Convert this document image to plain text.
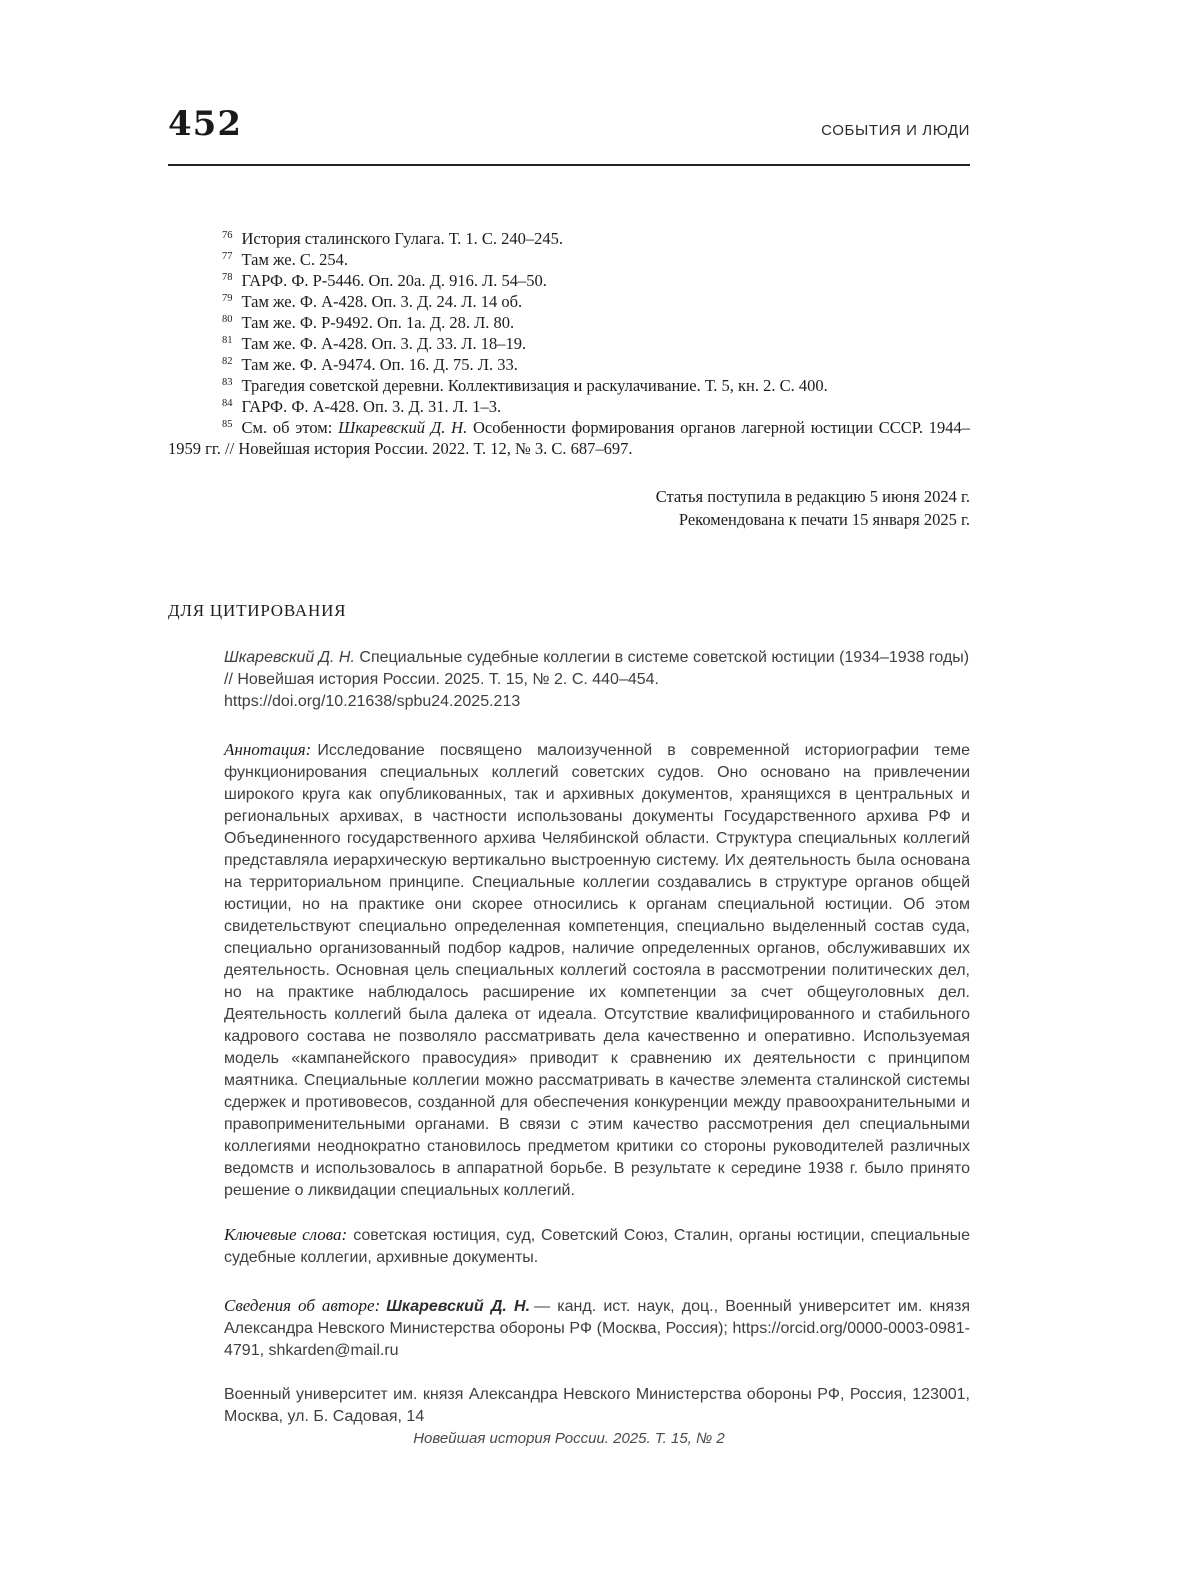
452	СОБЫТИЯ И ЛЮДИ

$^{76}$ История сталинского Гулага. Т. 1. С. 240–245.

$^{77}$ Там же. С. 254.

$^{78}$ ГАРФ. Ф. Р-5446. Оп. 20а. Д. 916. Л. 54–50.

$^{79}$ Там же. Ф. А-428. Оп. 3. Д. 24. Л. 14 об.

$^{80}$ Там же. Ф. Р-9492. Оп. 1а. Д. 28. Л. 80.

$^{81}$ Там же. Ф. А-428. Оп. 3. Д. 33. Л. 18–19.

$^{82}$ Там же. Ф. А-9474. Оп. 16. Д. 75. Л. 33.

$^{83}$ Трагедия советской деревни. Коллективизация и раскулачивание. Т. 5, кн. 2. С. 400.

$^{84}$ ГАРФ. Ф. А-428. Оп. 3. Д. 31. Л. 1–3.

$^{85}$ См. об этом: Шкаревский Д. Н. Особенности формирования органов лагерной юстиции СССР. 1944–1959 гг. // Новейшая история России. 2022. Т. 12, № 3. С. 687–697.

Статья поступила в редакцию 5 июня 2024 г.

Рекомендована к печати 15 января 2025 г.

ДЛЯ ЦИТИРОВАНИЯ

Шкаревский Д. Н. Специальные судебные коллегии в системе советской юстиции (1934–1938 годы) // Новейшая история России. 2025. Т. 15, № 2. С. 440–454.

https://doi.org/10.21638/spbu24.2025.213

Аннотация: Исследование посвящено малоизученной в современной историографии теме функционирования специальных коллегий советских судов. Оно основано на привлечении широкого круга как опубликованных, так и архивных документов, хранящихся в центральных и региональных архивах, в частности использованы документы Государственного архива РФ и Объединенного государственного архива Челябинской области. Структура специальных коллегий представляла иерархическую вертикально выстроенную систему. Их деятельность была основана на территориальном принципе. Специальные коллегии создавались в структуре органов общей юстиции, но на практике они скорее относились к органам специальной юстиции. Об этом свидетельствуют специально определенная компетенция, специально выделенный состав суда, специально организованный подбор кадров, наличие определенных органов, обслуживавших их деятельность. Основная цель специальных коллегий состояла в рассмотрении политических дел, но на практике наблюдалось расширение их компетенции за счет общеуголовных дел. Деятельность коллегий была далека от идеала. Отсутствие квалифицированного и стабильного кадрового состава не позволяло рассматривать дела качественно и оперативно. Используемая модель «кампанейского правосудия» приводит к сравнению их деятельности с принципом маятника. Специальные коллегии можно рассматривать в качестве элемента сталинской системы сдержек и противовесов, созданной для обеспечения конкуренции между правоохранительными и правоприменительными органами. В связи с этим качество рассмотрения дел специальными коллегиями неоднократно становилось предметом критики со стороны руководителей различных ведомств и использовалось в аппаратной борьбе. В результате к середине 1938 г. было принято решение о ликвидации специальных коллегий.

Ключевые слова: советская юстиция, суд, Советский Союз, Сталин, органы юстиции, специальные судебные коллегии, архивные документы.

Сведения об авторе: Шкаревский Д. Н. — канд. ист. наук, доц., Военный университет им. князя Александра Невского Министерства обороны РФ (Москва, Россия); https://orcid.org/0000-0003-0981-4791, shkarden@mail.ru

Военный университет им. князя Александра Невского Министерства обороны РФ, Россия, 123001, Москва, ул. Б. Садовая, 14

Новейшая история России. 2025. Т. 15, № 2
